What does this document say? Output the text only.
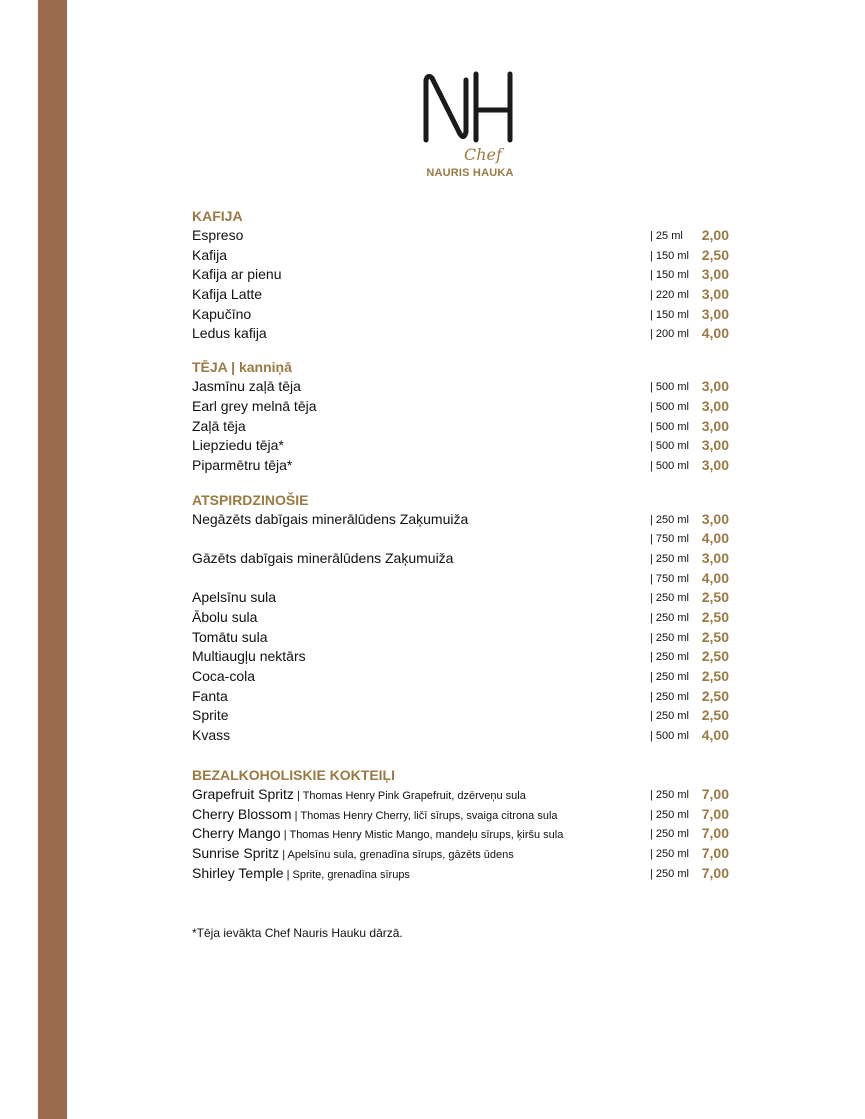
Chef
NAURIS HAUKA
KAFIJA
Espreso	| 25 ml 2,00
Kafija	| 150 ml 2,50
Kafija ar pienu	| 150 ml 3,00
Kafija Latte	| 220 ml 3,00
Kapučīno	| 150 ml 3,00
Ledus kafija	| 200 ml 4,00
TĒJA | kanniņā
Jasmīnu zaļā tēja	| 500 ml 3,00
Earl grey melnā tēja	| 500 ml 3,00
Zaļā tēja	| 500 ml 3,00
Liepziedu tēja*	| 500 ml 3,00
Piparmētru tēja*	| 500 ml 3,00
ATSPIRDZINOŠIE
Negāzēts dabīgais minerālūdens Zaķumuiža	| 250 ml 3,00
| 750 ml 4,00
Gāzēts dabīgais minerālūdens Zaķumuiža	| 250 ml 3,00
| 750 ml 4,00
Apelsīnu sula	| 250 ml 2,50
Ābolu sula	| 250 ml 2,50
Tomātu sula	| 250 ml 2,50
Multiaugļu nektārs	| 250 ml 2,50
Coca-cola	| 250 ml 2,50
Fanta	| 250 ml 2,50
Sprite	| 250 ml 2,50
Kvass	| 500 ml 4,00
BEZALKOHOLISKIE KOKTEIĻI
Grapefruit Spritz | Thomas Henry Pink Grapefruit, dzērveņu sula	| 250 ml 7,00
Cherry Blossom | Thomas Henry Cherry, ličī sīrups, svaiga citrona sula	| 250 ml 7,00
Cherry Mango | Thomas Henry Mistic Mango, mandeļu sīrups, ķiršu sula	| 250 ml 7,00
Sunrise Spritz | Apelsīnu sula, grenadīna sīrups, gāzēts ūdens	| 250 ml 7,00
Shirley Temple | Sprite, grenadīna sīrups	| 250 ml 7,00
*Tēja ievākta Chef Nauris Hauku dārzā.
